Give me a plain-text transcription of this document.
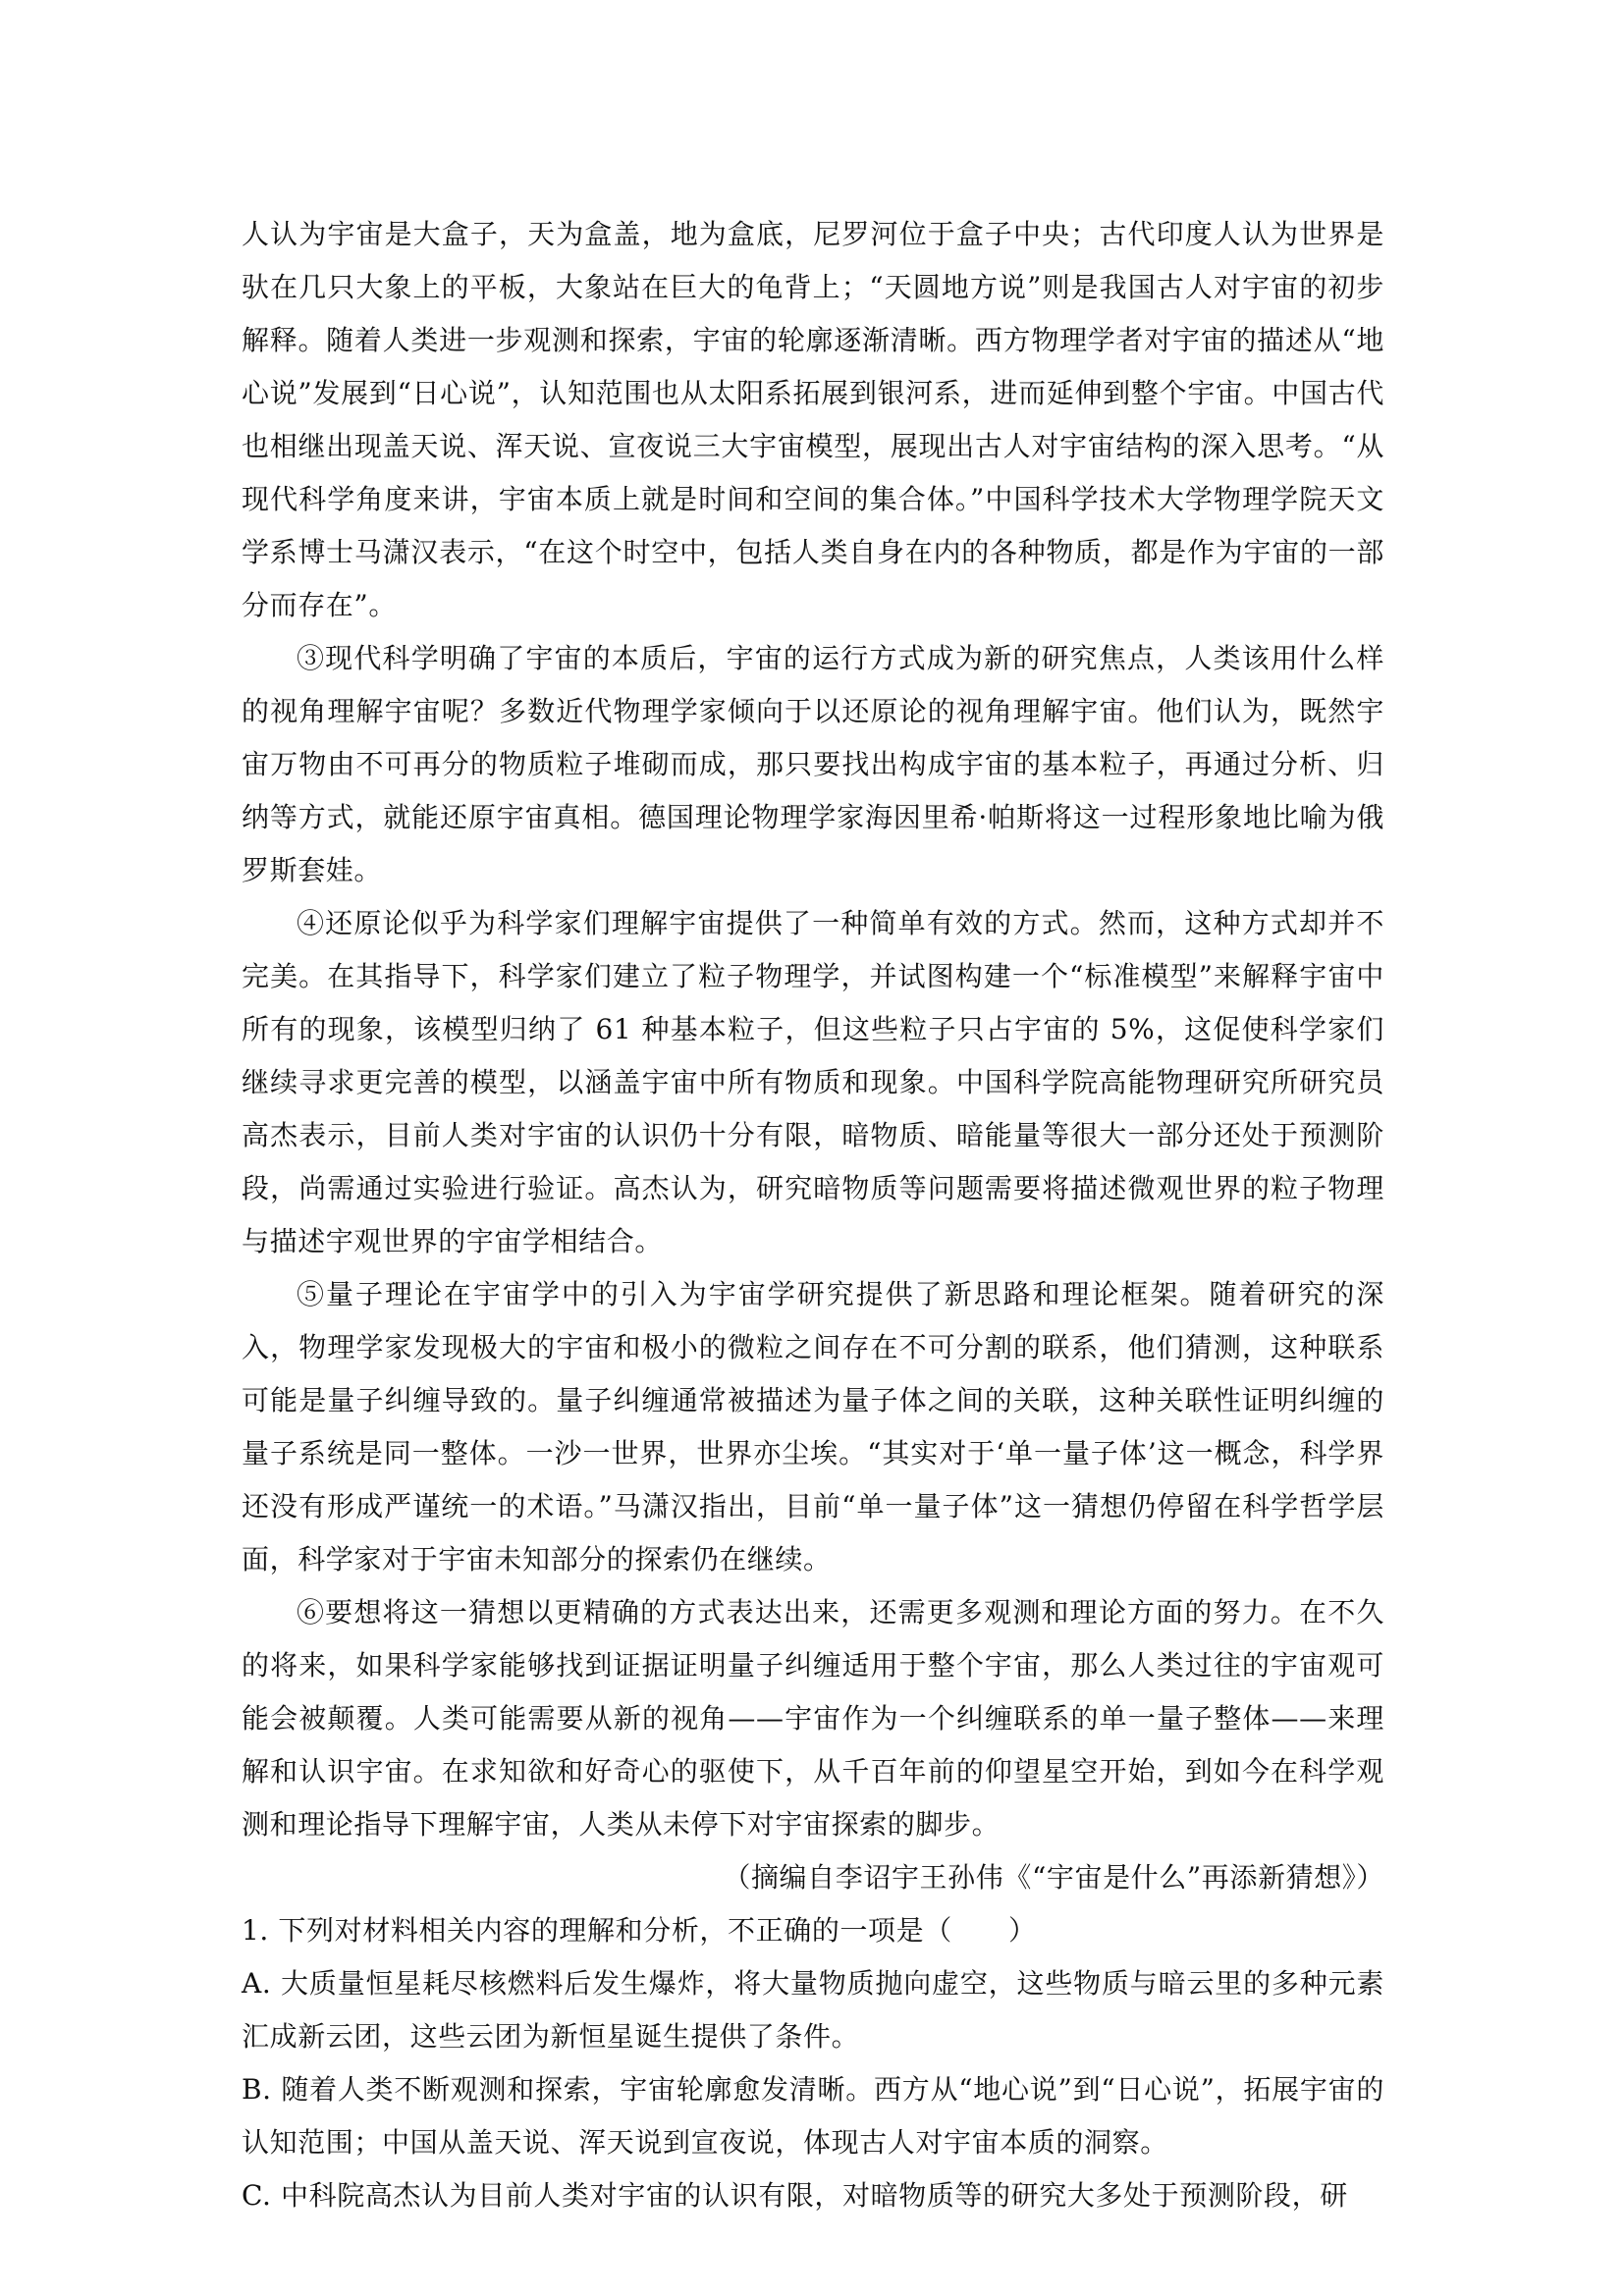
人认为宇宙是大盒子，天为盒盖，地为盒底，尼罗河位于盒子中央；古代印度人认为世界是驮在几只大象上的平板，大象站在巨大的龟背上；“天圆地方说”则是我国古人对宇宙的初步解释。随着人类进一步观测和探索，宇宙的轮廓逐渐清晰。西方物理学者对宇宙的描述从“地心说”发展到“日心说”，认知范围也从太阳系拓展到银河系，进而延伸到整个宇宙。中国古代也相继出现盖天说、浑天说、宣夜说三大宇宙模型，展现出古人对宇宙结构的深入思考。“从现代科学角度来讲，宇宙本质上就是时间和空间的集合体。”中国科学技术大学物理学院天文学系博士马潇汉表示，“在这个时空中，包括人类自身在内的各种物质，都是作为宇宙的一部分而存在”。

③现代科学明确了宇宙的本质后，宇宙的运行方式成为新的研究焦点，人类该用什么样的视角理解宇宙呢？多数近代物理学家倾向于以还原论的视角理解宇宙。他们认为，既然宇宙万物由不可再分的物质粒子堆砌而成，那只要找出构成宇宙的基本粒子，再通过分析、归纳等方式，就能还原宇宙真相。德国理论物理学家海因里希·帕斯将这一过程形象地比喻为俄罗斯套娃。

④还原论似乎为科学家们理解宇宙提供了一种简单有效的方式。然而，这种方式却并不完美。在其指导下，科学家们建立了粒子物理学，并试图构建一个“标准模型”来解释宇宙中所有的现象，该模型归纳了 61 种基本粒子，但这些粒子只占宇宙的 5%，这促使科学家们继续寻求更完善的模型，以涵盖宇宙中所有物质和现象。中国科学院高能物理研究所研究员高杰表示，目前人类对宇宙的认识仍十分有限，暗物质、暗能量等很大一部分还处于预测阶段，尚需通过实验进行验证。高杰认为，研究暗物质等问题需要将描述微观世界的粒子物理与描述宇观世界的宇宙学相结合。

⑤量子理论在宇宙学中的引入为宇宙学研究提供了新思路和理论框架。随着研究的深入，物理学家发现极大的宇宙和极小的微粒之间存在不可分割的联系，他们猜测，这种联系可能是量子纠缠导致的。量子纠缠通常被描述为量子体之间的关联，这种关联性证明纠缠的量子系统是同一整体。一沙一世界，世界亦尘埃。“其实对于‘单一量子体’这一概念，科学界还没有形成严谨统一的术语。”马潇汉指出，目前“单一量子体”这一猜想仍停留在科学哲学层面，科学家对于宇宙未知部分的探索仍在继续。

⑥要想将这一猜想以更精确的方式表达出来，还需更多观测和理论方面的努力。在不久的将来，如果科学家能够找到证据证明量子纠缠适用于整个宇宙，那么人类过往的宇宙观可能会被颠覆。人类可能需要从新的视角——宇宙作为一个纠缠联系的单一量子整体——来理解和认识宇宙。在求知欲和好奇心的驱使下，从千百年前的仰望星空开始，到如今在科学观测和理论指导下理解宇宙，人类从未停下对宇宙探索的脚步。

（摘编自李诏宇王孙伟《“宇宙是什么”再添新猜想》）

1. 下列对材料相关内容的理解和分析，不正确的一项是（　　）

A. 大质量恒星耗尽核燃料后发生爆炸，将大量物质抛向虚空，这些物质与暗云里的多种元素汇成新云团，这些云团为新恒星诞生提供了条件。

B. 随着人类不断观测和探索，宇宙轮廓愈发清晰。西方从“地心说”到“日心说”，拓展宇宙的认知范围；中国从盖天说、浑天说到宣夜说，体现古人对宇宙本质的洞察。

C. 中科院高杰认为目前人类对宇宙的认识有限，对暗物质等的研究大多处于预测阶段，研
